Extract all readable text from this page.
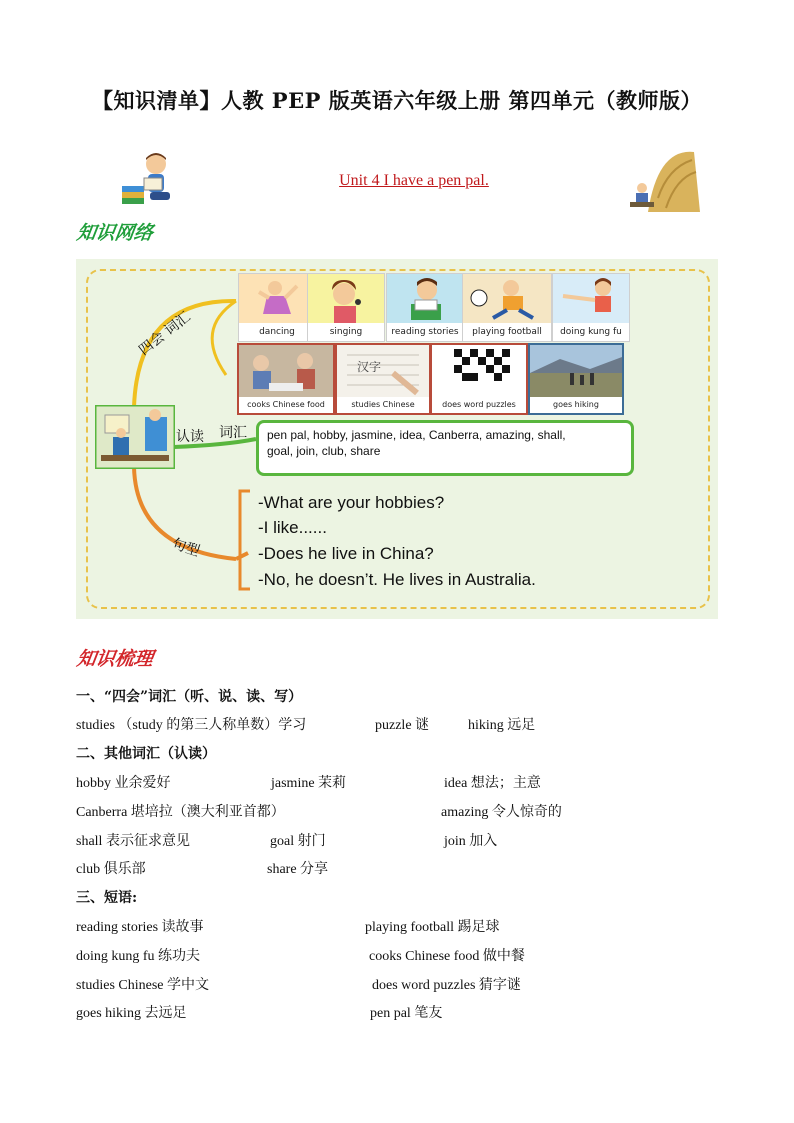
【知识清单】人教 PEP 版英语六年级上册 第四单元（教师版）
Unit 4 I have a pen pal.
知识网络
四会 词汇
认读 词汇
句型
dancing	singing	reading stories	playing football	doing kung fu
cooks Chinese food
汉字
studies Chinese	does word puzzles	goes hiking
pen pal, hobby, jasmine, idea, Canberra, amazing, shall,
goal, join, club, share
-What are your hobbies?
-I like......
-Does he live in China?
-No, he doesn’t. He lives in Australia.
知识梳理
一、“四会”词汇（听、说、读、写）
studies （study 的第三人称单数）学习	puzzle 谜	hiking 远足
二、其他词汇（认读）
hobby 业余爱好	jasmine 茉莉	idea 想法；主意
Canberra 堪培拉（澳大利亚首都）	amazing 令人惊奇的
shall 表示征求意见	goal 射门	join 加入
club 俱乐部	share 分享
三、短语:
reading stories 读故事	playing football 踢足球
doing kung fu 练功夫	cooks Chinese food 做中餐
studies Chinese 学中文	does word puzzles 猜字谜
goes hiking 去远足	pen pal 笔友
